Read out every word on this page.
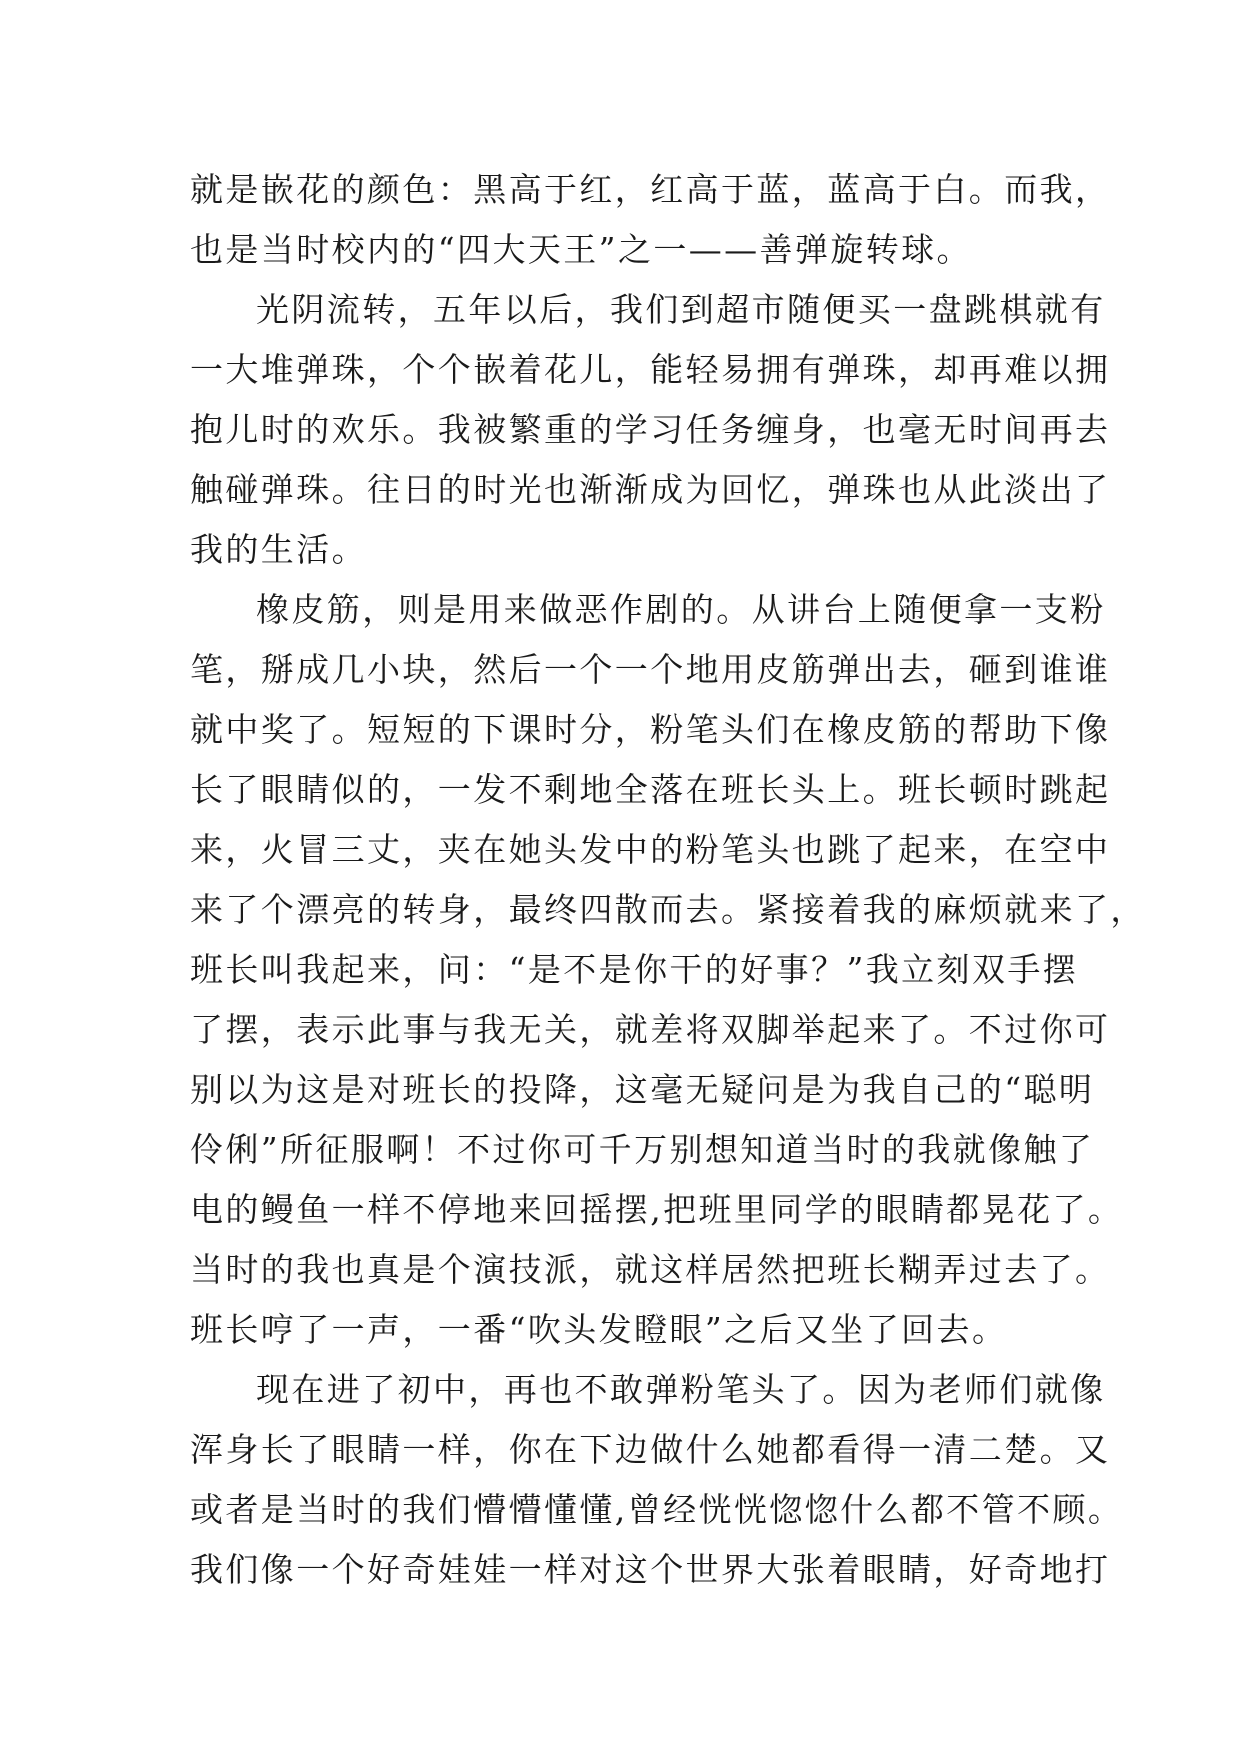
就是嵌花的颜色：黑高于红，红高于蓝，蓝高于白。而我，
也是当时校内的“四大天王”之一——善弹旋转球。
光阴流转，五年以后，我们到超市随便买一盘跳棋就有
一大堆弹珠，个个嵌着花儿，能轻易拥有弹珠，却再难以拥
抱儿时的欢乐。我被繁重的学习任务缠身，也毫无时间再去
触碰弹珠。往日的时光也渐渐成为回忆，弹珠也从此淡出了
我的生活。
橡皮筋，则是用来做恶作剧的。从讲台上随便拿一支粉
笔，掰成几小块，然后一个一个地用皮筋弹出去，砸到谁谁
就中奖了。短短的下课时分，粉笔头们在橡皮筋的帮助下像
长了眼睛似的，一发不剩地全落在班长头上。班长顿时跳起
来，火冒三丈，夹在她头发中的粉笔头也跳了起来，在空中
来了个漂亮的转身，最终四散而去。紧接着我的麻烦就来了，
班长叫我起来，问：“是不是你干的好事？”我立刻双手摆
了摆，表示此事与我无关，就差将双脚举起来了。不过你可
别以为这是对班长的投降，这毫无疑问是为我自己的“聪明
伶俐”所征服啊！不过你可千万别想知道当时的我就像触了
电的鳗鱼一样不停地来回摇摆,把班里同学的眼睛都晃花了。
当时的我也真是个演技派，就这样居然把班长糊弄过去了。
班长哼了一声，一番“吹头发瞪眼”之后又坐了回去。
现在进了初中，再也不敢弹粉笔头了。因为老师们就像
浑身长了眼睛一样，你在下边做什么她都看得一清二楚。又
或者是当时的我们懵懵懂懂,曾经恍恍惚惚什么都不管不顾。
我们像一个好奇娃娃一样对这个世界大张着眼睛，好奇地打
